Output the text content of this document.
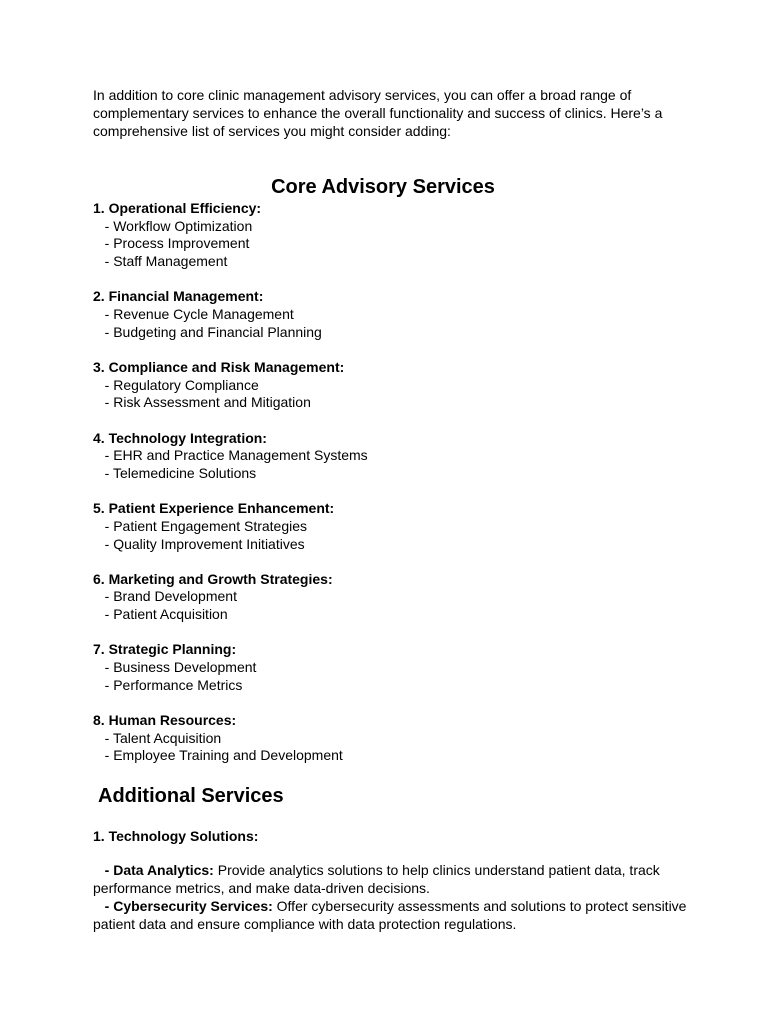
In addition to core clinic management advisory services, you can offer a broad range of complementary services to enhance the overall functionality and success of clinics. Here’s a comprehensive list of services you might consider adding:

Core Advisory Services
1. Operational Efficiency:
- Workflow Optimization
- Process Improvement
- Staff Management
2. Financial Management:
- Revenue Cycle Management
- Budgeting and Financial Planning
3. Compliance and Risk Management:
- Regulatory Compliance
- Risk Assessment and Mitigation
4. Technology Integration:
- EHR and Practice Management Systems
- Telemedicine Solutions
5. Patient Experience Enhancement:
- Patient Engagement Strategies
- Quality Improvement Initiatives
6. Marketing and Growth Strategies:
- Brand Development
- Patient Acquisition
7. Strategic Planning:
- Business Development
- Performance Metrics
8. Human Resources:
- Talent Acquisition
- Employee Training and Development
Additional Services
1. Technology Solutions:

- Data Analytics: Provide analytics solutions to help clinics understand patient data, track performance metrics, and make data-driven decisions.

- Cybersecurity Services: Offer cybersecurity assessments and solutions to protect sensitive patient data and ensure compliance with data protection regulations.
